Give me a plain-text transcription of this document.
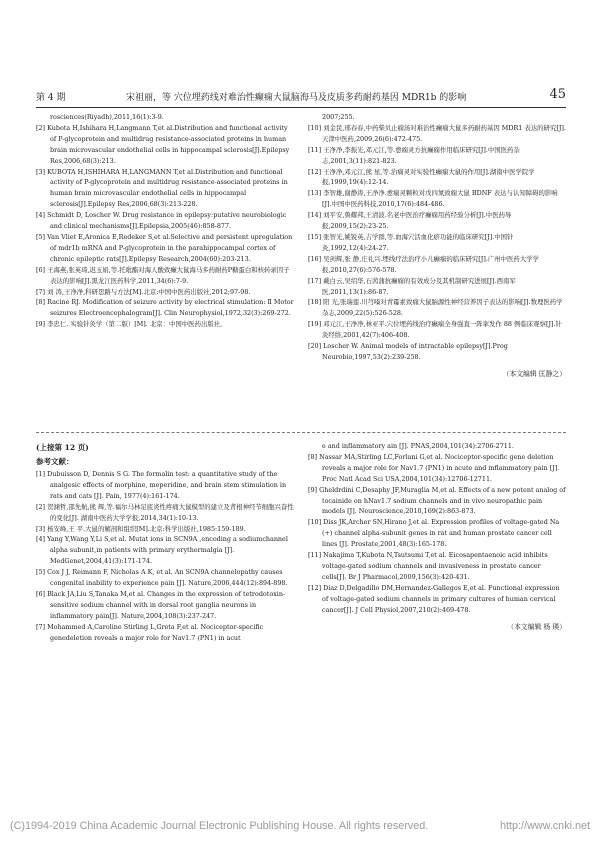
第 4 期	宋祖丽，等 穴位埋药线对难治性癫痫大鼠脑海马及皮质多药耐药基因 MDR1b 的影响	45

rosciences(Riyadh),2011,16(1):3-9.

[2] Kubota H,Ishihara H,Langmann T,et al.Distribution and functional activity of P-glycoprotein and multidrug resistance-associated proteins in human brain microvascular endothelial cells in hippocampal sclerosis[J].Epilepsy Res,2006,68(3):213.

[3] KUBOTA H,ISHIHARA H,LANGMANN T,et al.Distribution and functional activity of P-glycoprotein and multidrug resistance-associated proteins in human brain microvascular endothelial cells in hippocampal sclerosis[J].Epilepsy Res,2006,68(3):213-228.

[4] Schmidt D, Loscher W. Drug resistance in epilepsy:putative neurobiologic and clinical mechanisms[J].Epilepsia,2005(46):858-877.

[5] Van Vliet E,Aronica E,Redeker S,et al.Selective and persistent upregulation of mdr1b mRNA and P-glycoprotein in the parahippocampal cortex of chronic epileptic rats[J].Epilepsy Research,2004(60):203-213.

[6] 王海燕,张英琦,迟玉娟,等.托吡酯对海人酸致癫大鼠海马多药耐药P糖蛋白和核转录因子表达的影响[J].黑龙江医药科学,2011,34(6):7-9.

[7] 刘 涛,王净净,科研思路与方法[M].北京:中国中医药出版社,2012;97-98.

[8] Racine RJ. Modification of seizure activity by electrical stimulation: Ⅱ Motor seizures Electroencephalogram[J]. Clin Neurophysiol,1972,32(3):269-272.

[9] 李忠仁. 实验针灸学（第二版）[M]. 北京：中国中医药出版社,

2007;255.

[10] 刘金民,邢春春,中药柴贝止痫汤对难治性癫痫大鼠多药耐药基因 MDR1 表达的研究[J].天津中医药,2009,26(6):472-475.

[11] 王净净,李振光,邓元江,等.愈痫灵方抗癫痫作用临床研究[J].中国医药杂志,2001,3(11):821-823.

[12] 王净净,邓元江,熊 星,等.治痫灵对实验性癫痫大鼠的作用[J].湖南中医学院学报,1999,19(4):12-14.

[13] 李智雄,谢静涛,王净净.愈痫灵颗粒对戊四氮致痫大鼠 BDNF 表达与认知障碍的影响[J].中国中医药科技,2010,17(6):484-486.

[14] 刘平安,鲁耀邦,王清波.名老中医治疗癫痫用药经验分析[J].中医药导报,2009,15(2):23-25.

[15] 张智光,姚锐英,吉学群,等.血海穴活血化瘀功能的临床研究[J].中国针灸,1992,12(4):24-27.

[16] 吴剑辉,张 静,庄礼兴.埋线疗法治疗小儿癫痫的临床研究[J].广州中医药大学学报,2010,27(6):576-578.

[17] 戴白云,吴绍华,石茜蒲抗癫痫的有效成分及其机制研究进展[J].西南军医,2011,13(1):86-87.

[18] 阳 光,张瑞莲.川芎嗪对青霉素致痫大鼠脑源性神经营养因子表达的影响[J].数理医药学杂志,2009,22(5):526-528.

[19] 邓元江,王净净,林亚平.穴位埋药线治疗癫痫全身强直一阵挛发作 88 例临床观察[J].针灸经络,2001,42(7):406-408.

[20] Loscher W. Animal models of intractable epilepsy[J].Prog Neurobio,1997,53(2):239-258.

（本文编辑 匡静之）
(上接第 12 页)
参考文献：

[1] Dubuisson D, Dennis S G. The formalin test: a quantitative study of the analgesic effects of morphine, meperidine, and brain stem stimulation in rats and cats [J]. Pain, 1977(4):161-174.

[2] 贺渊哲,邵先航,熊 辉,等.福尔马林足底炎性疼痛大鼠模型的建立及背根神经节细胞兴奋性的变化[J]. 湖南中医药大学学报,2014,34(1):10-13.

[3] 杨安峰,王 平.大鼠的解剖和组织[M].北京:科学出版社,1985:159-189.

[4] Yang Y,Wang Y,Li S,et al. Mutat ions in SCN9A ,encoding a sodiumchannel alpha subunit,in patients with primary erythermalgia [J]. MedGenet,2004,41(3):171-174.

[5] Cox J J, Reimann F, Nicholas A K, et al. An SCN9A channelopathy causes congenital inability to experience pain [J]. Nature,2006,444(12):894-898.

[6] Black JA,Liu S,Tanaka M,et al. Changes in the expression of tetrodotoxin-sensitive sodium channel with in dorsal root ganglia neurons in inflammatory pain[J]. Nature,2004,108(3):237-247.

[7] Mohammed A,Caroline Stirling L,Greta F,et al. Nociceptor-specific genedeletion reveals a major role for Nav1.7 (PN1) in acut

e and inflammatory ain [J]. PNAS,2004,101(34):2706-2711.

[8] Nassar MA,Stirling LC,Forlani G,et al. Nociceptor-specific gene deletion reveals a major role for Nav1.7 (PN1) in acute and inflammatory pain [J]. Proc Natl Acad Sci USA,2004,101(34):12706-12711.

[9] Gheldrdini C,Desaphy JF,Muraglia M,et al. Effects of a new potent analog of tocainide on hNav1.7 sodium channels and in vivo neuropathic pain models [J]. Neuroscience,2010,169(2):863-873.

[10] Diss JK,Archer SN,Hirano J,et al. Expression profiles of voltage-gated Na (+) channel alpha-subunit genes in rat and human prostate cancer cell lines [J]. Prostate,2001,48(3):165-178.

[11] Nakajima T,Kubota N,Tsutsumi T,et al. Eicosapentaenoic acid inhibits voltage-gated sodium channels and invasiveness in prostate cancer cells[J]. Br J Pharmacol,2009,156(3):420-431.

[12] Diaz D,Delgadillo DM,Hernandez-Gallegos E,et al. Functional expression of voltage-gated sodium channels in primary cultures of human cervical cancer[J]. J Cell Physiol,2007,210(2):469-478.

（本文编辑 杨 瑛）
(C)1994-2019 China Academic Journal Electronic Publishing House. All rights reserved.	http://www.cnki.net
